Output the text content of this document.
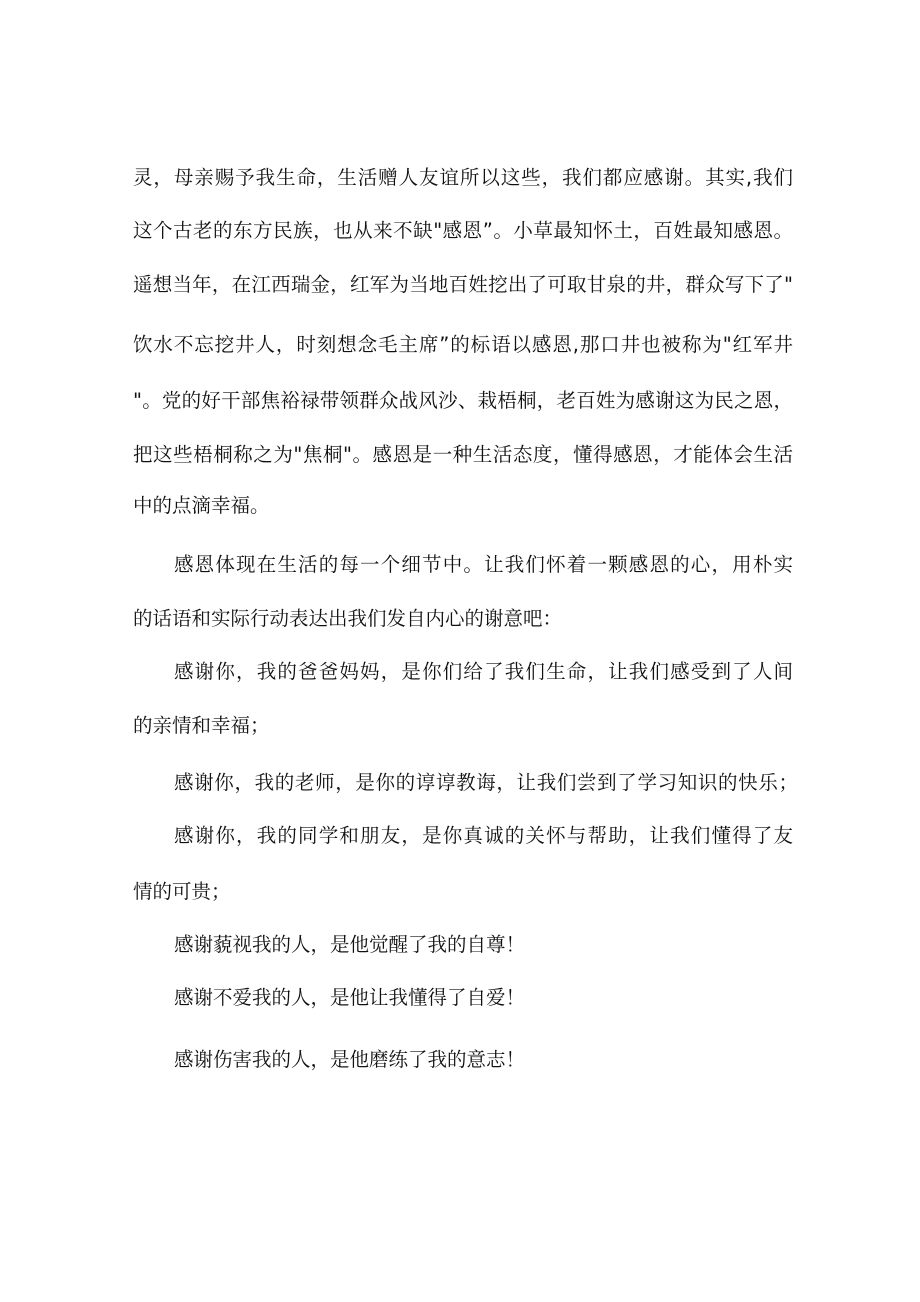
灵，母亲赐予我生命，生活赠人友谊所以这些，我们都应感谢。其实,我们
这个古老的东方民族，也从来不缺"感恩”。小草最知怀土，百姓最知感恩。
遥想当年，在江西瑞金，红军为当地百姓挖出了可取甘泉的井，群众写下了"
饮水不忘挖井人，时刻想念毛主席”的标语以感恩,那口井也被称为"红军井
"。党的好干部焦裕禄带领群众战风沙、栽梧桐，老百姓为感谢这为民之恩，
把这些梧桐称之为"焦桐"。感恩是一种生活态度，懂得感恩，才能体会生活
中的点滴幸福。
感恩体现在生活的每一个细节中。让我们怀着一颗感恩的心，用朴实
的话语和实际行动表达出我们发自内心的谢意吧：
感谢你，我的爸爸妈妈，是你们给了我们生命，让我们感受到了人间
的亲情和幸福；
感谢你，我的老师，是你的谆谆教诲，让我们尝到了学习知识的快乐；
感谢你，我的同学和朋友，是你真诚的关怀与帮助，让我们懂得了友
情的可贵；
感谢藐视我的人，是他觉醒了我的自尊！
感谢不爱我的人，是他让我懂得了自爱！
感谢伤害我的人，是他磨练了我的意志！
